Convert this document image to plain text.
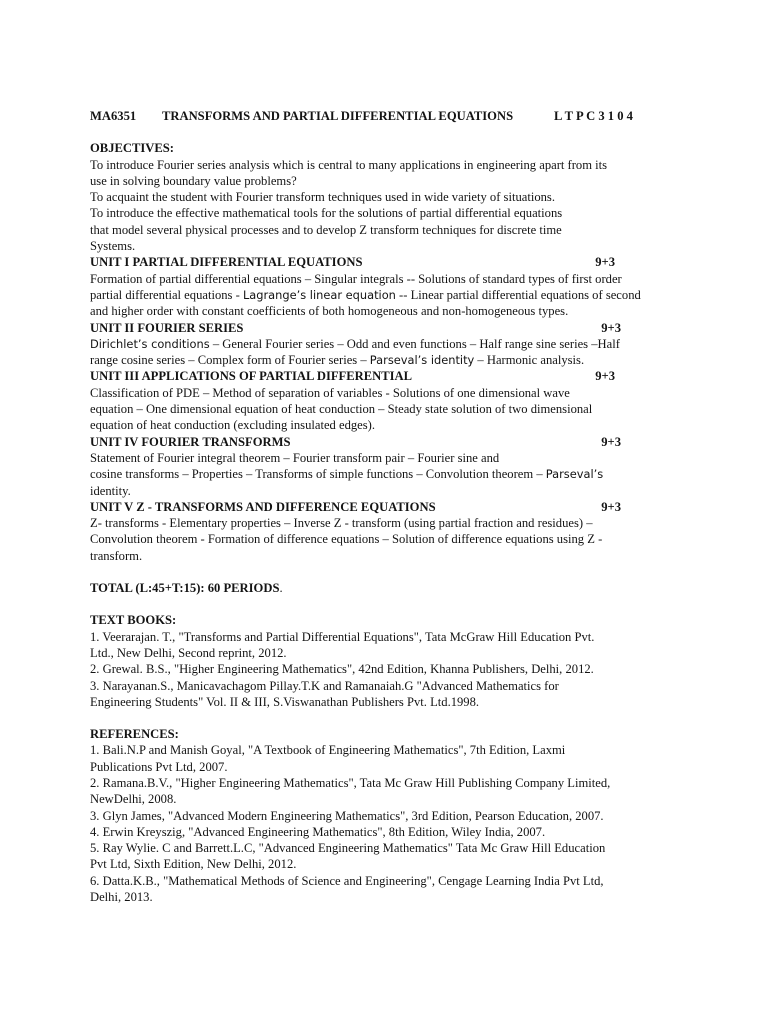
MA6351	TRANSFORMS AND PARTIAL DIFFERENTIAL EQUATIONS	L T P C 3 1 0 4
OBJECTIVES:
To introduce Fourier series analysis which is central to many applications in engineering apart from its
use in solving boundary value problems?
To acquaint the student with Fourier transform techniques used in wide variety of situations.
To introduce the effective mathematical tools for the solutions of partial differential equations
that model several physical processes and to develop Z transform techniques for discrete time
Systems.
UNIT I PARTIAL DIFFERENTIAL EQUATIONS	9+3
Formation of partial differential equations – Singular integrals -- Solutions of standard types of first order
partial differential equations - Lagrange’s linear equation -- Linear partial differential equations of second
and higher order with constant coefficients of both homogeneous and non-homogeneous types.
UNIT II FOURIER SERIES	9+3
Dirichlet’s conditions – General Fourier series – Odd and even functions – Half range sine series –Half
range cosine series – Complex form of Fourier series – Parseval’s identity – Harmonic analysis.
UNIT III APPLICATIONS OF PARTIAL DIFFERENTIAL	9+3
Classification of PDE – Method of separation of variables - Solutions of one dimensional wave
equation – One dimensional equation of heat conduction – Steady state solution of two dimensional
equation of heat conduction (excluding insulated edges).
UNIT IV FOURIER TRANSFORMS	9+3
Statement of Fourier integral theorem – Fourier transform pair – Fourier sine and
cosine transforms – Properties – Transforms of simple functions – Convolution theorem – Parseval’s
identity.
UNIT V Z - TRANSFORMS AND DIFFERENCE EQUATIONS	9+3
Z- transforms - Elementary properties – Inverse Z - transform (using partial fraction and residues) –
Convolution theorem - Formation of difference equations – Solution of difference equations using Z -
transform.
TOTAL (L:45+T:15): 60 PERIODS.
TEXT BOOKS:
1. Veerarajan. T., "Transforms and Partial Differential Equations", Tata McGraw Hill Education Pvt.
Ltd., New Delhi, Second reprint, 2012.
2. Grewal. B.S., "Higher Engineering Mathematics", 42nd Edition, Khanna Publishers, Delhi, 2012.
3. Narayanan.S., Manicavachagom Pillay.T.K and Ramanaiah.G "Advanced Mathematics for
Engineering Students" Vol. II & III, S.Viswanathan Publishers Pvt. Ltd.1998.
REFERENCES:
1. Bali.N.P and Manish Goyal, "A Textbook of Engineering Mathematics", 7th Edition, Laxmi
Publications Pvt Ltd, 2007.
2. Ramana.B.V., "Higher Engineering Mathematics", Tata Mc Graw Hill Publishing Company Limited,
NewDelhi, 2008.
3. Glyn James, "Advanced Modern Engineering Mathematics", 3rd Edition, Pearson Education, 2007.
4. Erwin Kreyszig, "Advanced Engineering Mathematics", 8th Edition, Wiley India, 2007.
5. Ray Wylie. C and Barrett.L.C, "Advanced Engineering Mathematics" Tata Mc Graw Hill Education
Pvt Ltd, Sixth Edition, New Delhi, 2012.
6. Datta.K.B., "Mathematical Methods of Science and Engineering", Cengage Learning India Pvt Ltd,
Delhi, 2013.
